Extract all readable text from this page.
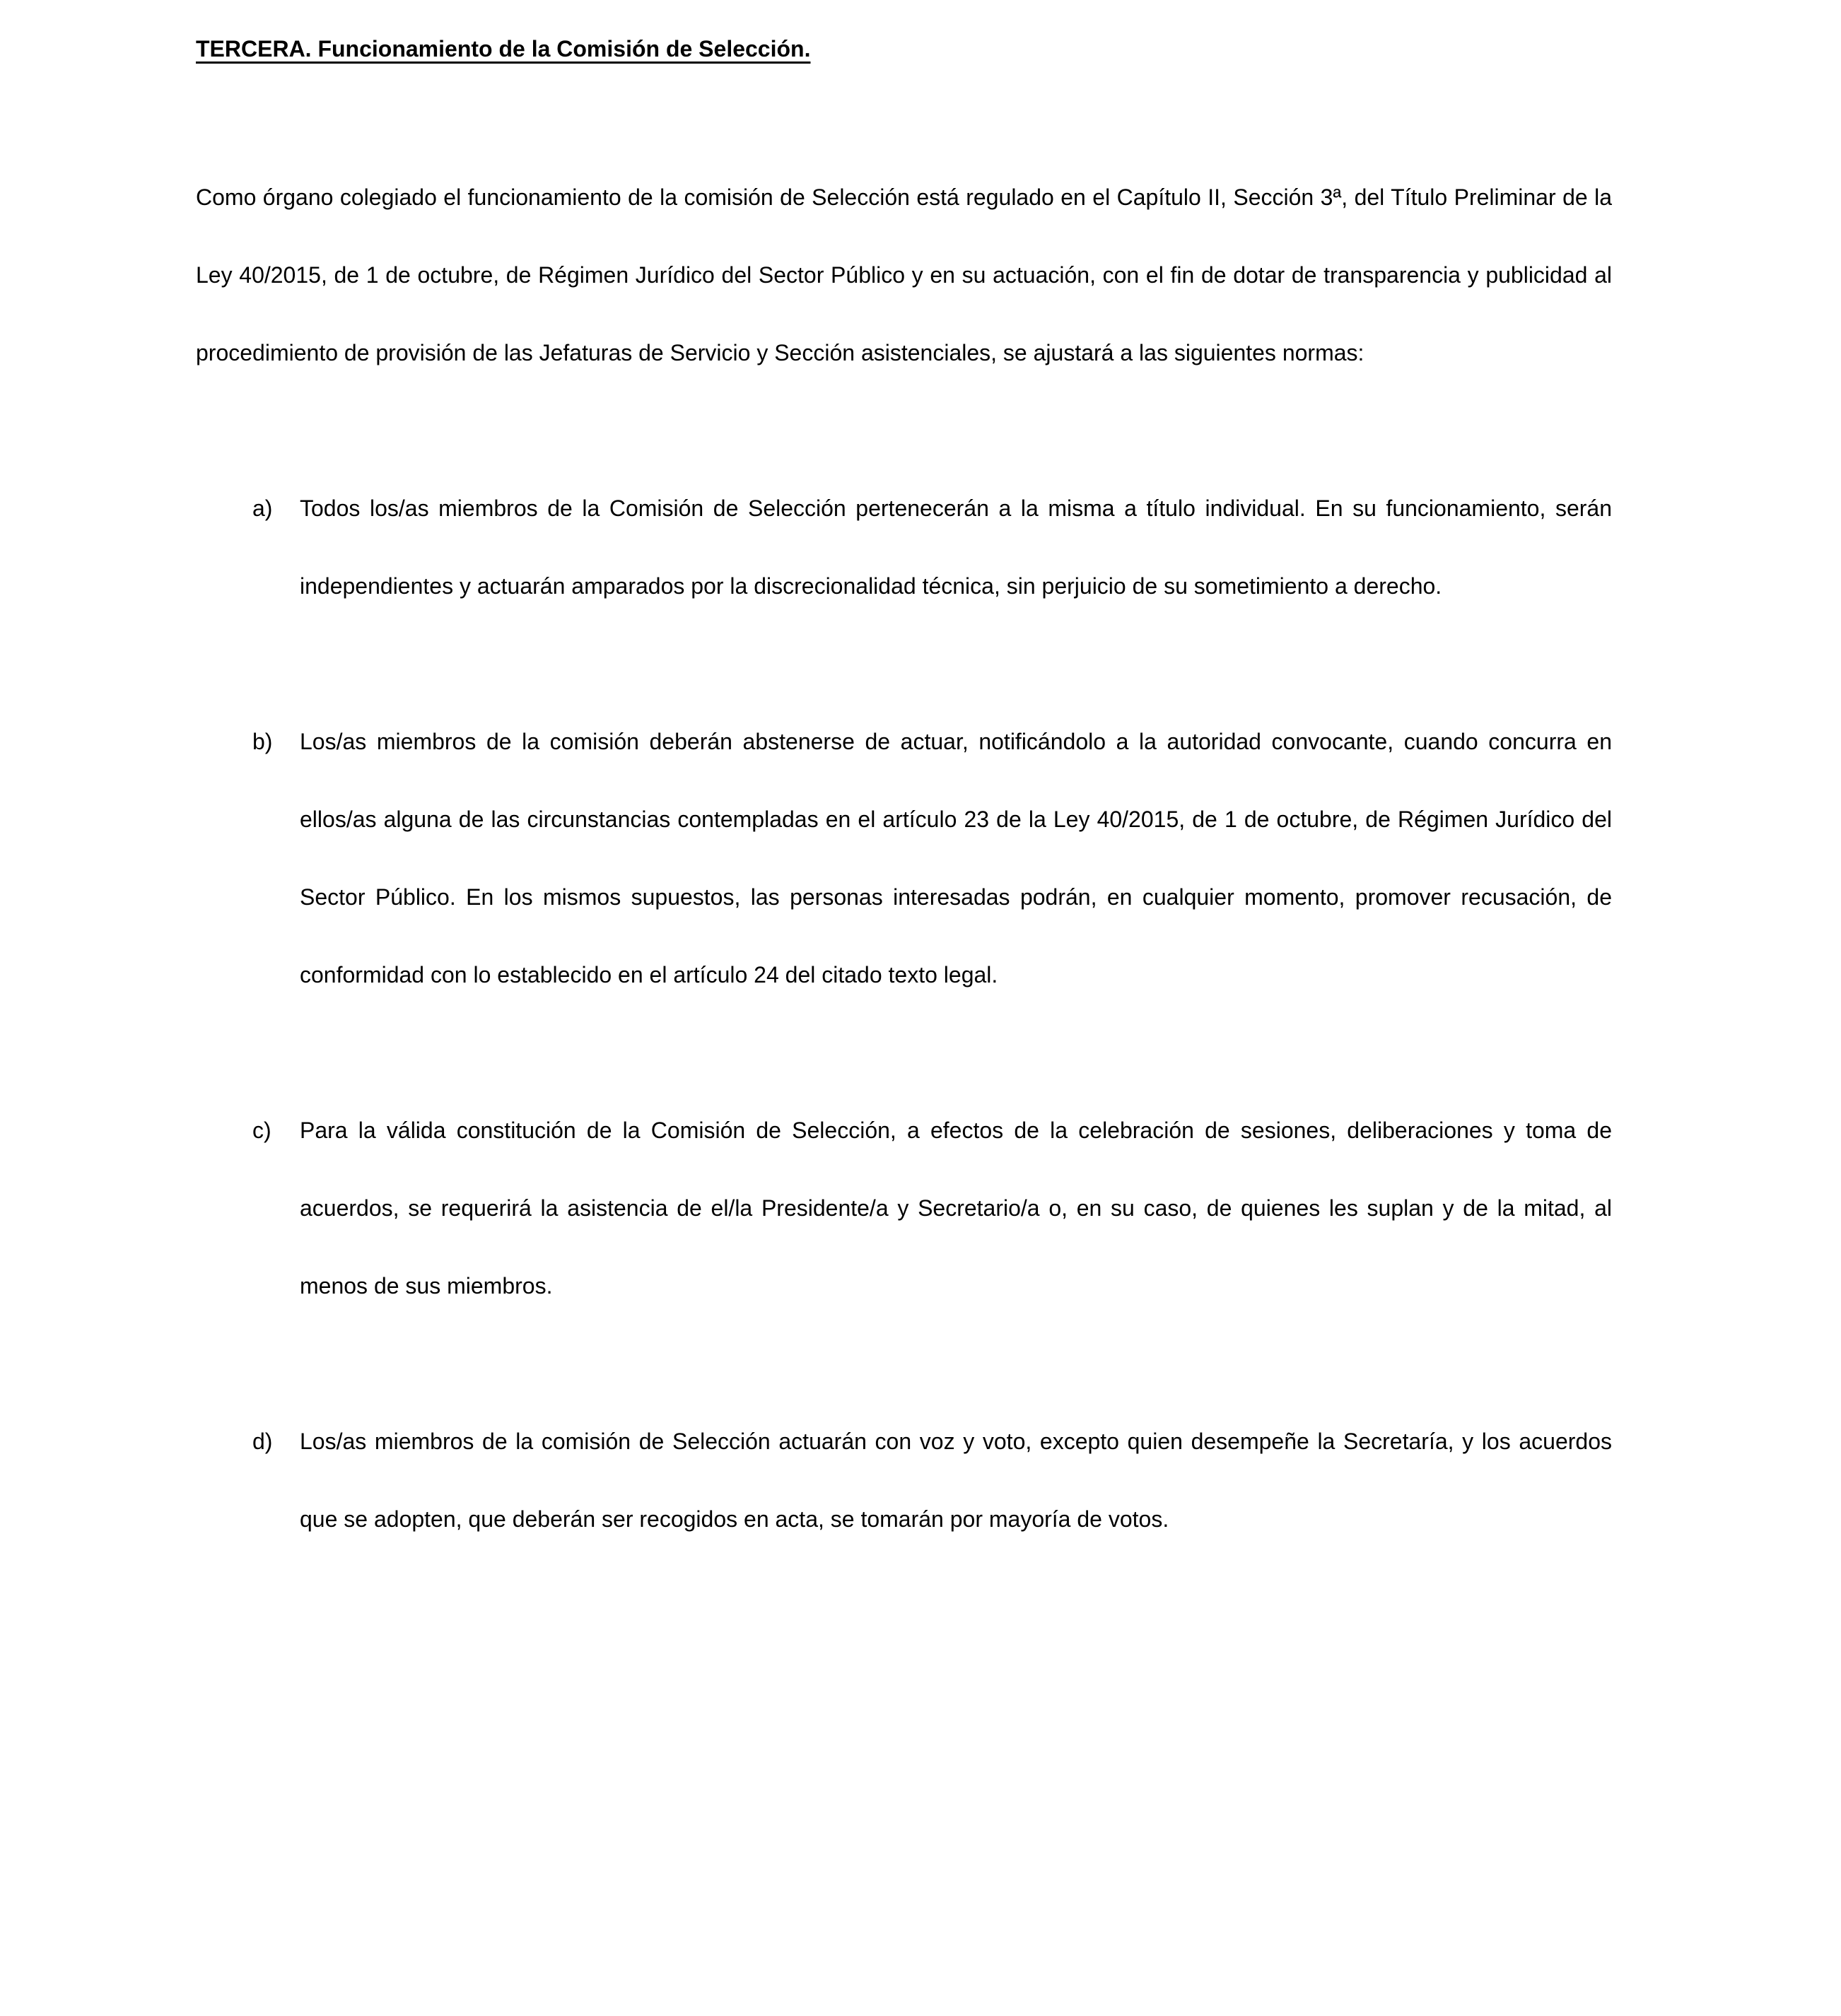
TERCERA. Funcionamiento de la Comisión de Selección.

Como órgano colegiado el funcionamiento de la comisión de Selección está regulado en el Capítulo II, Sección 3ª, del Título Preliminar de la Ley 40/2015, de 1 de octubre, de Régimen Jurídico del Sector Público y en su actuación, con el fin de dotar de transparencia y publicidad al procedimiento de provisión de las Jefaturas de Servicio y Sección asistenciales, se ajustará a las siguientes normas:

a) Todos los/as miembros de la Comisión de Selección pertenecerán a la misma a título individual. En su funcionamiento, serán independientes y actuarán amparados por la discrecionalidad técnica, sin perjuicio de su sometimiento a derecho.
b) Los/as miembros de la comisión deberán abstenerse de actuar, notificándolo a la autoridad convocante, cuando concurra en ellos/as alguna de las circunstancias contempladas en el artículo 23 de la Ley 40/2015, de 1 de octubre, de Régimen Jurídico del Sector Público. En los mismos supuestos, las personas interesadas podrán, en cualquier momento, promover recusación, de conformidad con lo establecido en el artículo 24 del citado texto legal.
c) Para la válida constitución de la Comisión de Selección, a efectos de la celebración de sesiones, deliberaciones y toma de acuerdos, se requerirá la asistencia de el/la Presidente/a y Secretario/a o, en su caso, de quienes les suplan y de la mitad, al menos de sus miembros.
d) Los/as miembros de la comisión de Selección actuarán con voz y voto, excepto quien desempeñe la Secretaría, y los acuerdos que se adopten, que deberán ser recogidos en acta, se tomarán por mayoría de votos.
